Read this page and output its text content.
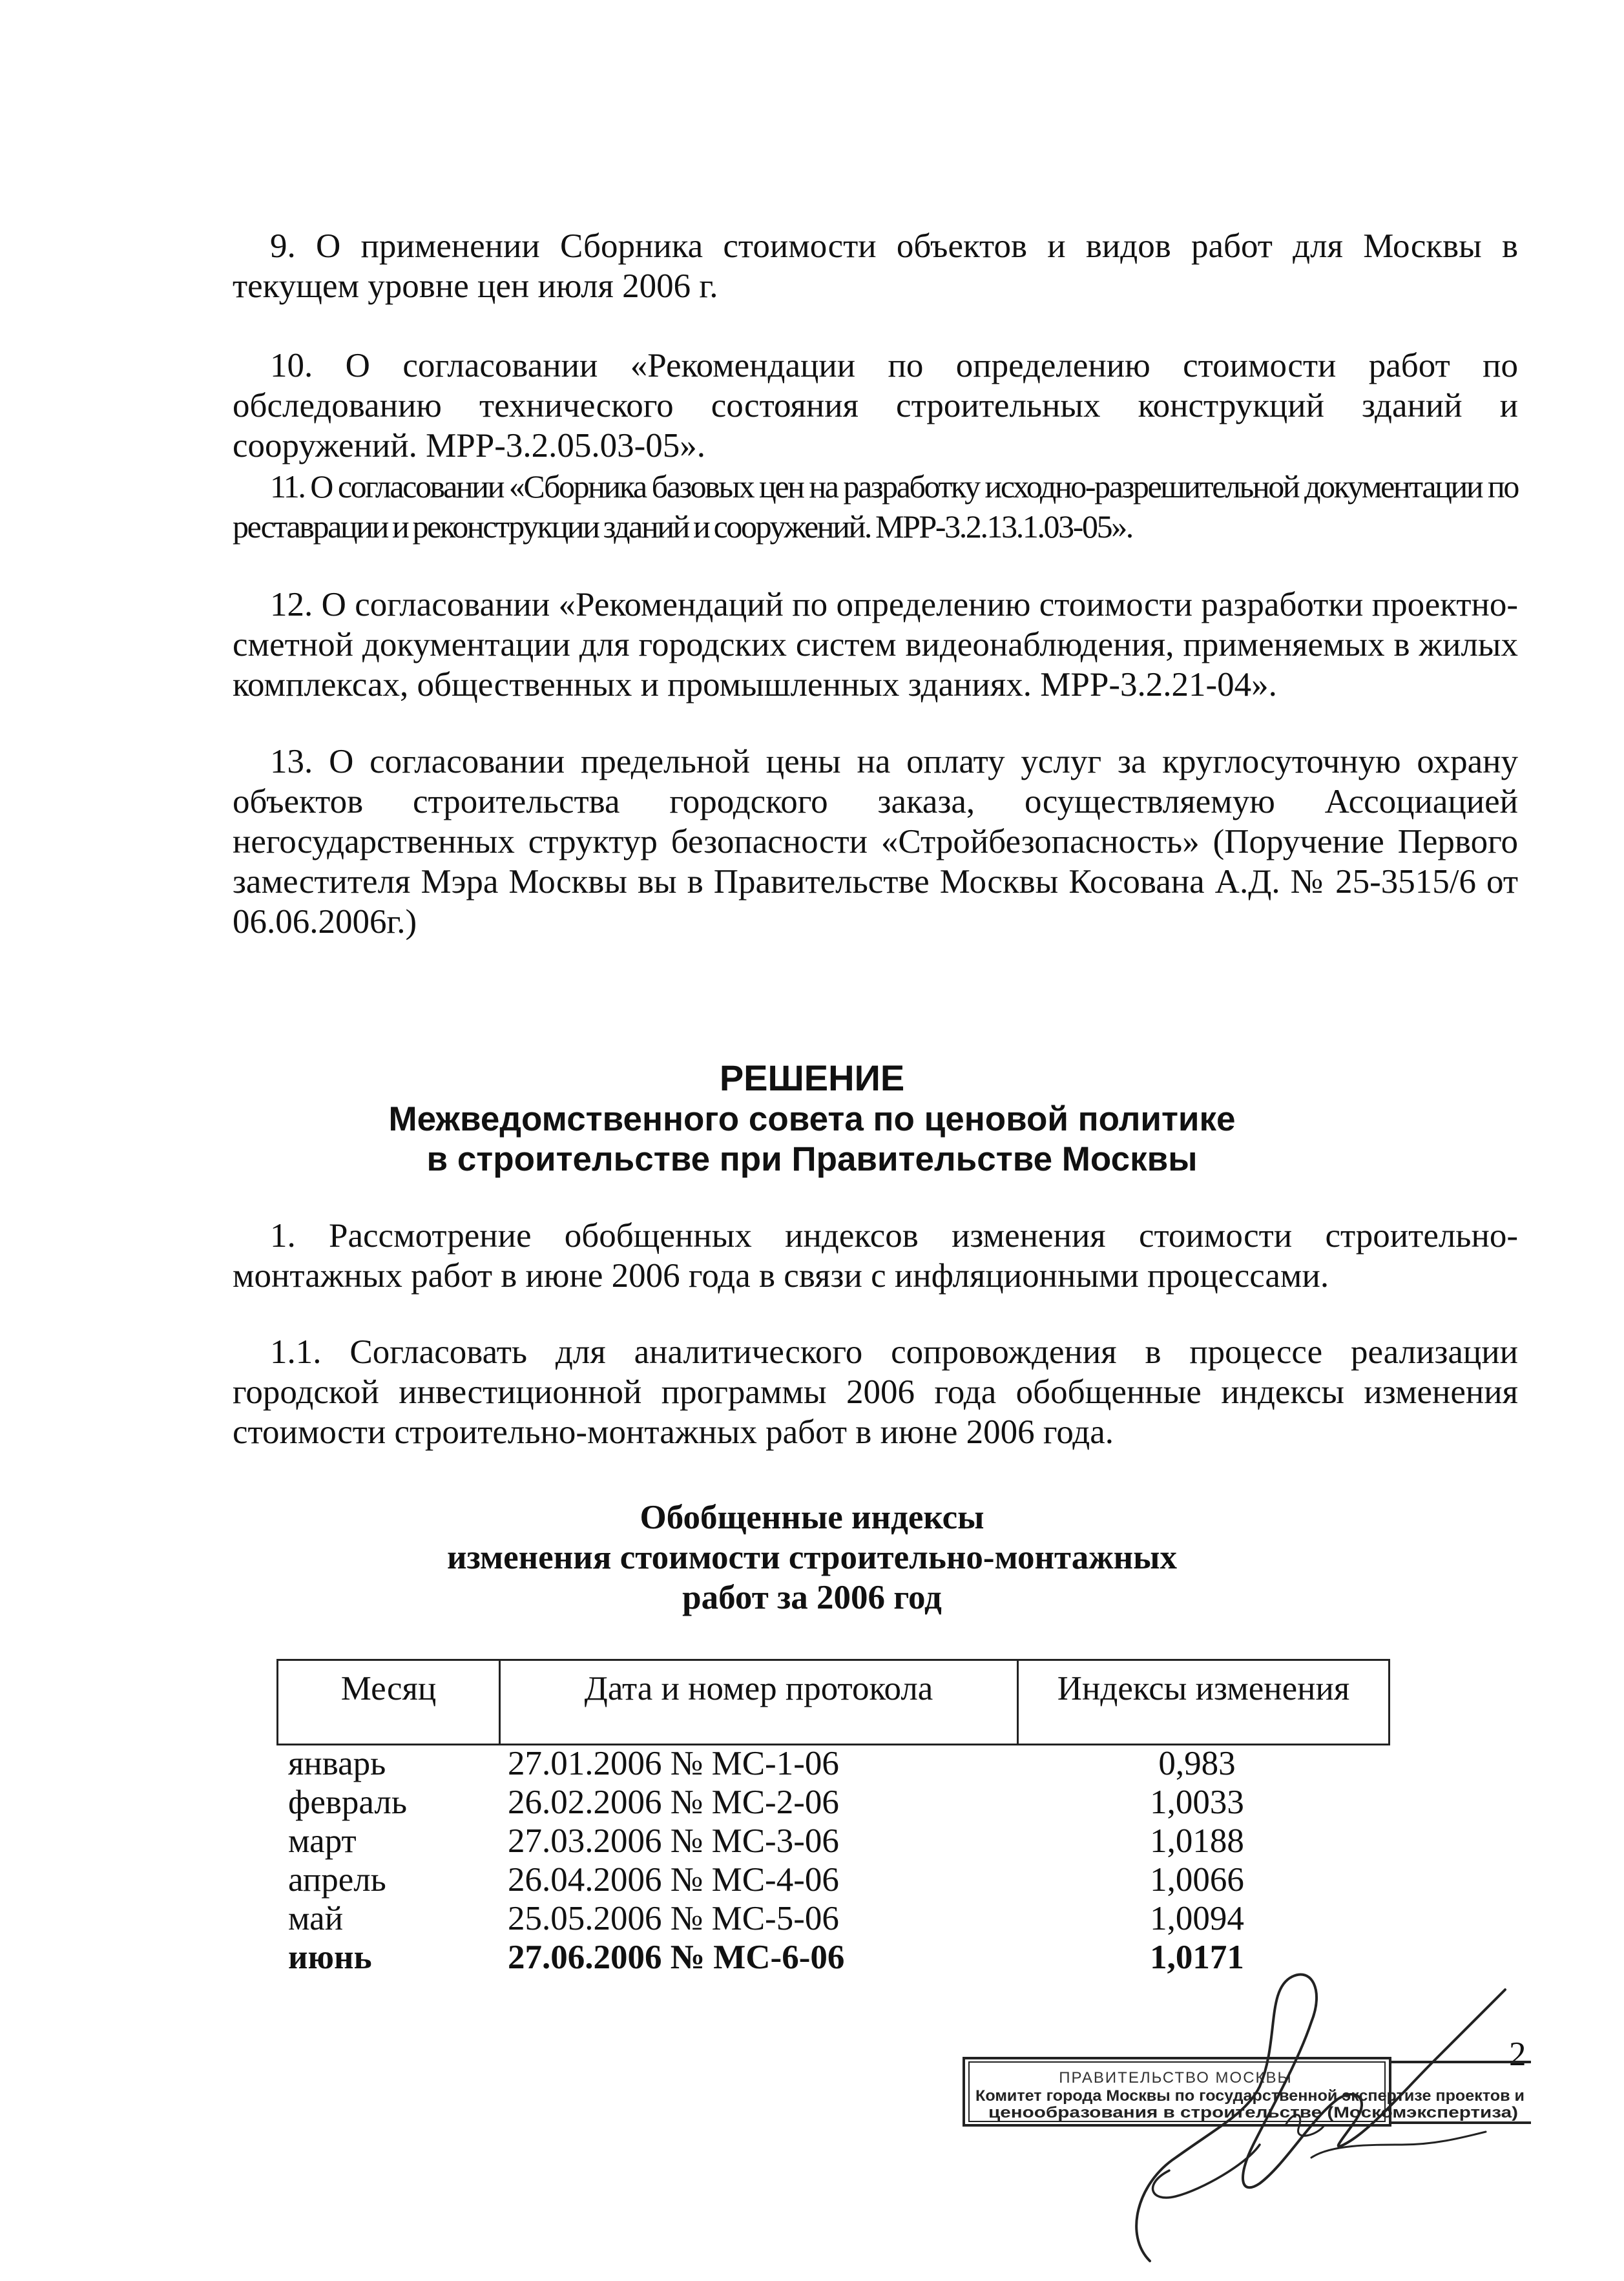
9. О применении Сборника стоимости объектов и видов работ для Москвы в текущем уровне цен июля 2006 г.

10. О согласовании «Рекомендации по определению стоимости работ по обследованию технического состояния строительных конструкций зданий и сооружений. МРР-3.2.05.03-05».

11. О согласовании «Сборника базовых цен на разработку исходно-разрешительной документации по реставрации и реконструкции зданий и сооружений. МРР-3.2.13.1.03-05».

12. О согласовании «Рекомендаций по определению стоимости разработки проектно-сметной документации для городских систем видеонаблюдения, применяемых в жилых комплексах, общественных и промышленных зданиях. МРР-3.2.21-04».

13. О согласовании предельной цены на оплату услуг за круглосуточную охрану объектов строительства городского заказа, осуществляемую Ассоциацией негосударственных структур безопасности «Стройбезопасность» (Поручение Первого заместителя Мэра Москвы вы в Правительстве Москвы Косована А.Д. № 25-3515/6 от 06.06.2006г.)

РЕШЕНИЕ

Межведомственного совета по ценовой политике

в строительстве при Правительстве Москвы

1. Рассмотрение обобщенных индексов изменения стоимости строительно-монтажных работ в июне 2006 года в связи с инфляционными процессами.

1.1. Согласовать для аналитического сопровождения в процессе реализации городской инвестиционной программы 2006 года обобщенные индексы изменения стоимости строительно-монтажных работ в июне 2006 года.

Обобщенные индексы

изменения стоимости строительно-монтажных

работ за 2006 год

Месяц	Дата и номер протокола	Индексы изменения
январь	27.01.2006 № МС-1-06	0,983
февраль	26.02.2006 № МС-2-06	1,0033
март	27.03.2006 № МС-3-06	1,0188
апрель	26.04.2006 № МС-4-06	1,0066
май	25.05.2006 № МС-5-06	1,0094
июнь	27.06.2006 № МС-6-06	1,0171
2
ПРАВИТЕЛЬСТВО МОСКВЫ
Комитет города Москвы по государственной экспертизе проектов и
ценообразования в строительстве (Москомэкспертиза)
